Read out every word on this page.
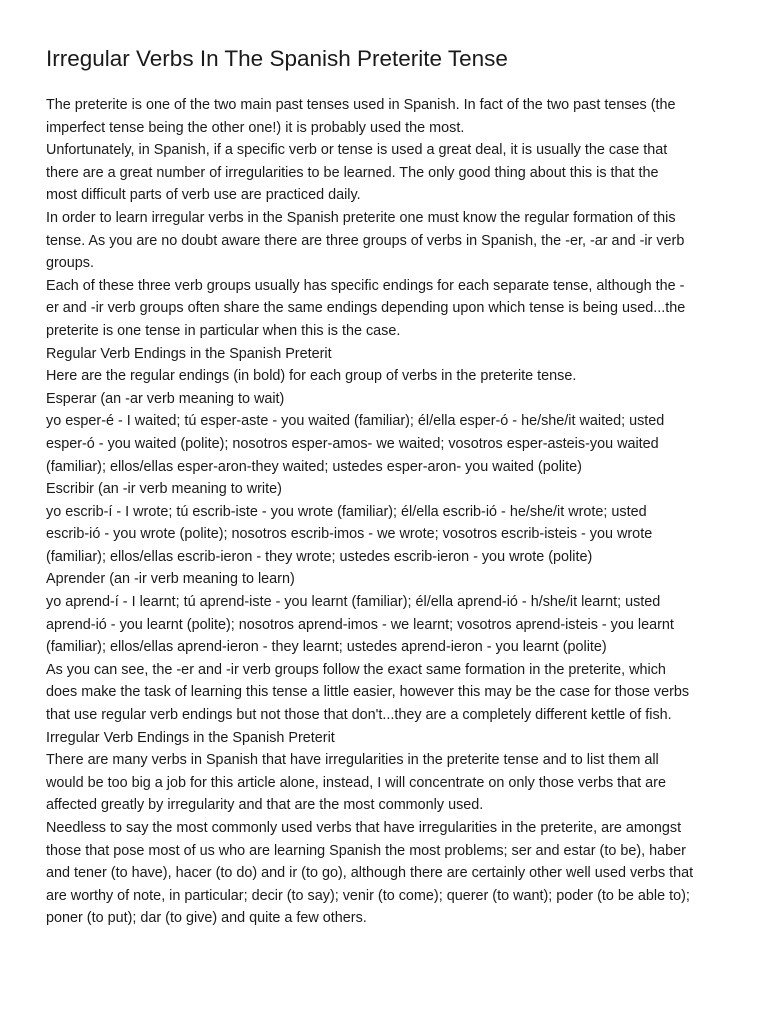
Irregular Verbs In The Spanish Preterite Tense
The preterite is one of the two main past tenses used in Spanish. In fact of the two past tenses (the
imperfect tense being the other one!) it is probably used the most.
Unfortunately, in Spanish, if a specific verb or tense is used a great deal, it is usually the case that
there are a great number of irregularities to be learned. The only good thing about this is that the
most difficult parts of verb use are practiced daily.
In order to learn irregular verbs in the Spanish preterite one must know the regular formation of this
tense. As you are no doubt aware there are three groups of verbs in Spanish, the -er, -ar and -ir verb
groups.
Each of these three verb groups usually has specific endings for each separate tense, although the -
er and -ir verb groups often share the same endings depending upon which tense is being used...the
preterite is one tense in particular when this is the case.
Regular Verb Endings in the Spanish Preterit
Here are the regular endings (in bold) for each group of verbs in the preterite tense.
Esperar (an -ar verb meaning to wait)
yo esper-é - I waited; tú esper-aste - you waited (familiar); él/ella esper-ó - he/she/it waited; usted
esper-ó - you waited (polite); nosotros esper-amos- we waited; vosotros esper-asteis-you waited
(familiar); ellos/ellas esper-aron-they waited; ustedes esper-aron- you waited (polite)
Escribir (an -ir verb meaning to write)
yo escrib-í - I wrote; tú escrib-iste - you wrote (familiar); él/ella escrib-ió - he/she/it wrote; usted
escrib-ió - you wrote (polite); nosotros escrib-imos - we wrote; vosotros escrib-isteis - you wrote
(familiar); ellos/ellas escrib-ieron - they wrote; ustedes escrib-ieron - you wrote (polite)
Aprender (an -ir verb meaning to learn)
yo aprend-í - I learnt; tú aprend-iste - you learnt (familiar); él/ella aprend-ió - h/she/it learnt; usted
aprend-ió - you learnt (polite); nosotros aprend-imos - we learnt; vosotros aprend-isteis - you learnt
(familiar); ellos/ellas aprend-ieron - they learnt; ustedes aprend-ieron - you learnt (polite)
As you can see, the -er and -ir verb groups follow the exact same formation in the preterite, which
does make the task of learning this tense a little easier, however this may be the case for those verbs
that use regular verb endings but not those that don't...they are a completely different kettle of fish.
Irregular Verb Endings in the Spanish Preterit
There are many verbs in Spanish that have irregularities in the preterite tense and to list them all
would be too big a job for this article alone, instead, I will concentrate on only those verbs that are
affected greatly by irregularity and that are the most commonly used.
Needless to say the most commonly used verbs that have irregularities in the preterite, are amongst
those that pose most of us who are learning Spanish the most problems; ser and estar (to be), haber
and tener (to have), hacer (to do) and ir (to go), although there are certainly other well used verbs that
are worthy of note, in particular; decir (to say); venir (to come); querer (to want); poder (to be able to);
poner (to put); dar (to give) and quite a few others.
